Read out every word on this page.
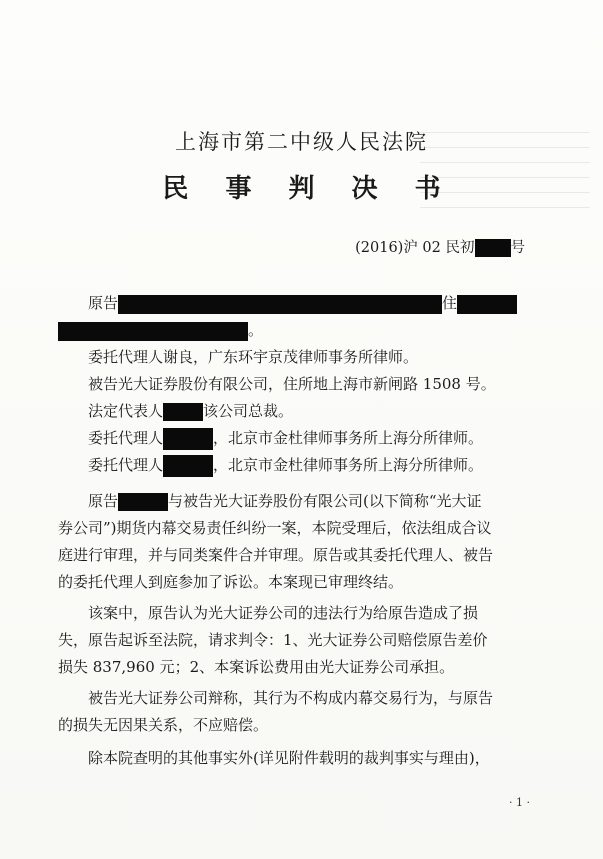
上海市第二中级人民法院
民 事 判 决 书
(2016)沪 02 民初 号
原告	住
。
委托代理人谢良，广东环宇京茂律师事务所律师。
被告光大证券股份有限公司，住所地上海市新闸路 1508 号。
法定代表人	该公司总裁。
委托代理人	，北京市金杜律师事务所上海分所律师。
委托代理人	，北京市金杜律师事务所上海分所律师。
原告	与被告光大证券股份有限公司(以下简称“光大证
券公司”)期货内幕交易责任纠纷一案，本院受理后，依法组成合议
庭进行审理，并与同类案件合并审理。原告或其委托代理人、被告
的委托代理人到庭参加了诉讼。本案现已审理终结。
该案中，原告认为光大证券公司的违法行为给原告造成了损
失，原告起诉至法院，请求判令：1、光大证券公司赔偿原告差价
损失 837,960 元；2、本案诉讼费用由光大证券公司承担。
被告光大证券公司辩称，其行为不构成内幕交易行为，与原告
的损失无因果关系，不应赔偿。
除本院查明的其他事实外(详见附件载明的裁判事实与理由)，
· 1 ·
